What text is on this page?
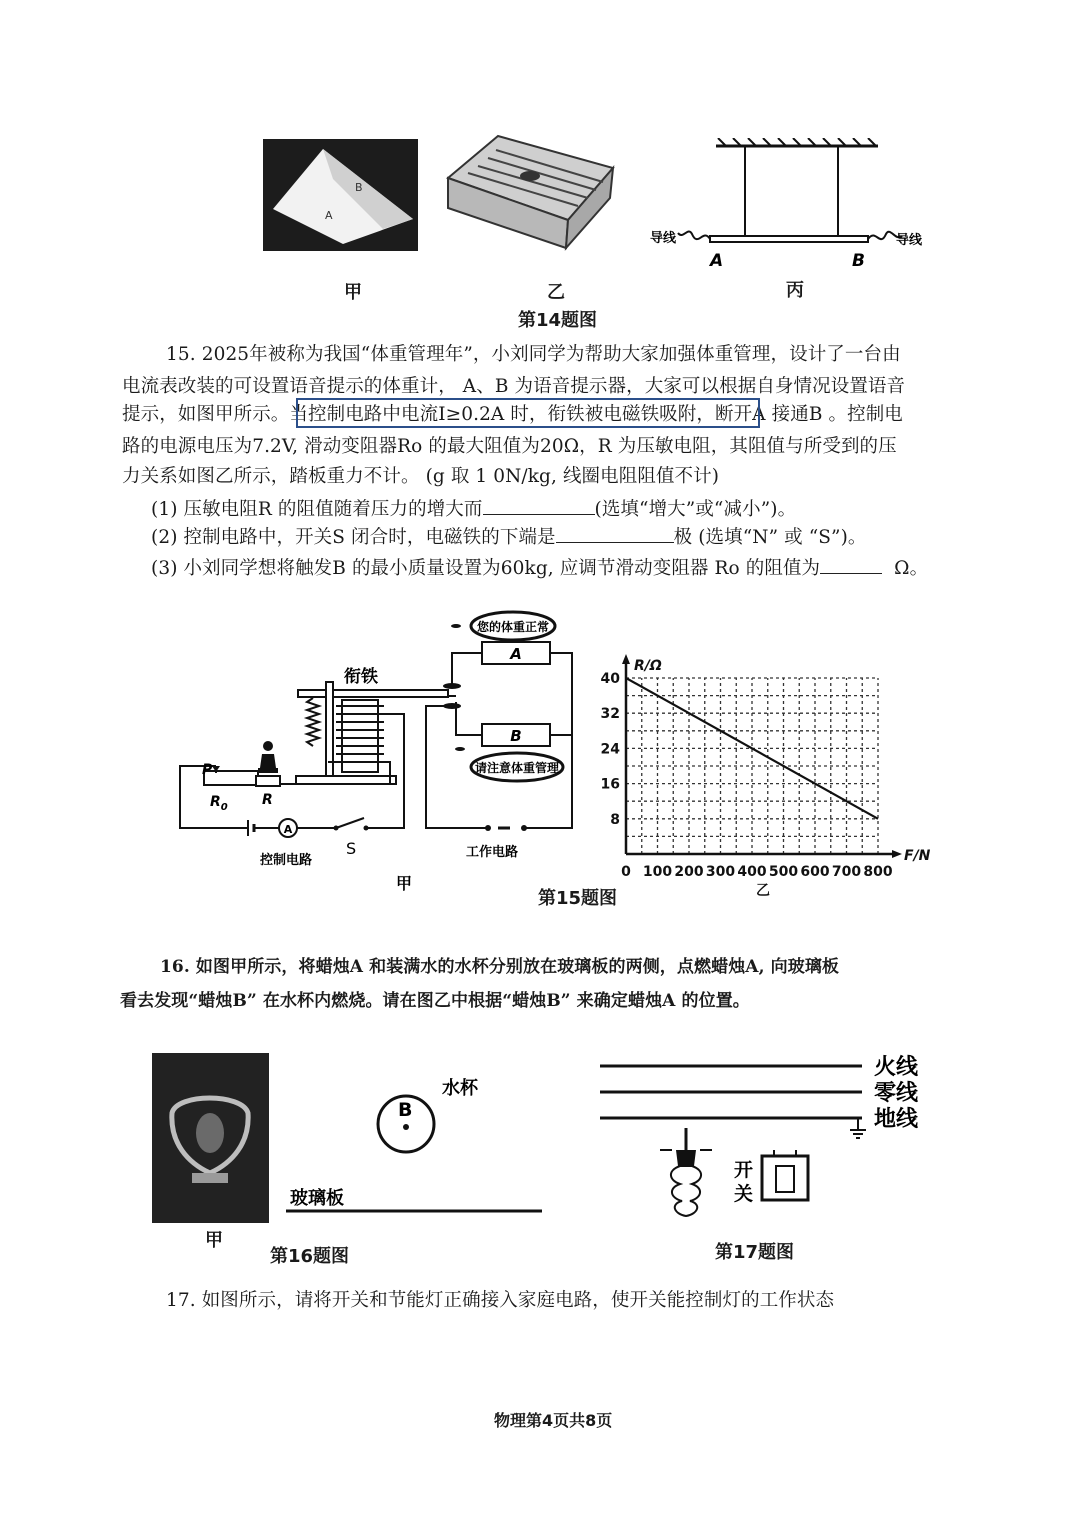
B
A
导线	导线
A	B
甲	乙	丙
第14题图
15. 2025年被称为我国“体重管理年”，小刘同学为帮助大家加强体重管理，设计了一台由
电流表改装的可设置语音提示的体重计， A、B 为语音提示器，大家可以根据自身情况设置语音
提示，如图甲所示。当控制电路中电流I≥0.2A 时，衔铁被电磁铁吸附，断开A 接通B 。控制电
路的电源电压为7.2V, 滑动变阻器Ro 的最大阻值为20Ω，R 为压敏电阻，其阻值与所受到的压
力关系如图乙所示，踏板重力不计。 (g 取 1 0N/kg, 线圈电阻阻值不计)
(1) 压敏电阻R 的阻值随着压力的增大而	(选填“增大”或“减小”)。
(2) 控制电路中，开关S 闭合时，电磁铁的下端是	极 (选填“N” 或 “S”)。
(3) 小刘同学想将触发B 的最小质量设置为60kg, 应调节滑动变阻器 Ro 的阻值为	Ω。
您的体重正常
请注意体重管理
A
B
衔铁
A
P
$R_0$ R
控制电路
S	工作电路
甲
0 100 200 300 400 500 600 700 800
8
16
24
32
40
F/N
R/Ω
乙
第15题图
16. 如图甲所示，将蜡烛A 和装满水的水杯分别放在玻璃板的两侧，点燃蜡烛A, 向玻璃板
看去发现“蜡烛B” 在水杯内燃烧。请在图乙中根据“蜡烛B” 来确定蜡烛A 的位置。
甲
B
水杯
玻璃板
第16题图
火线
零线
地线
开
关
第17题图
17. 如图所示，请将开关和节能灯正确接入家庭电路，使开关能控制灯的工作状态
物理第4页共8页
